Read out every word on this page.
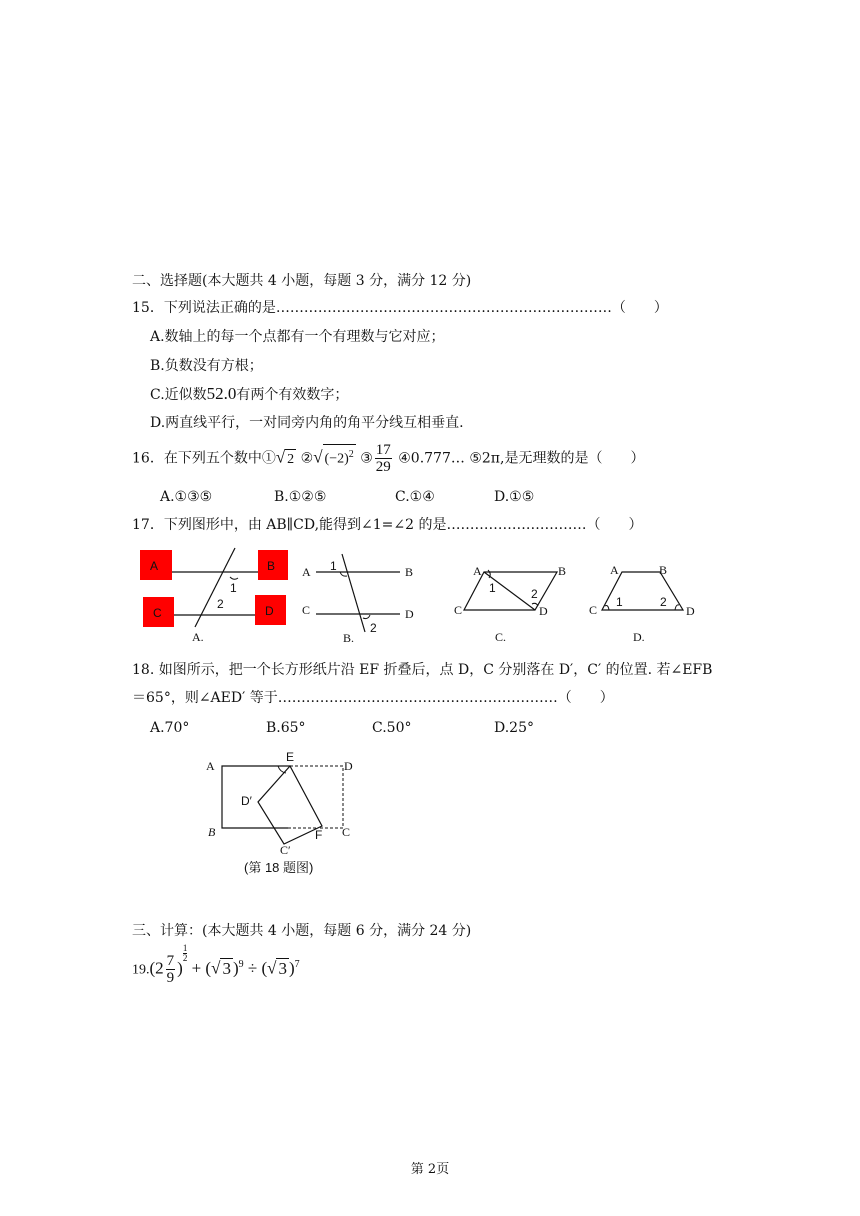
二、选择题(本大题共 4 小题，每题 3 分，满分 12 分)
15．下列说法正确的是………………………………………………………………（　　）
A.数轴上的每一个点都有一个有理数与它对应；
B.负数没有方根；
C.近似数52.0有两个有效数字；
D.两直线平行，一对同旁内角的角平分线互相垂直.
16．在下列五个数中①√ 2 ②√ $(-2)^2$ ③ $\frac{17}{29}$ ④0.777… ⑤2π,是无理数的是（　　）
A.①③⑤	B.①②⑤	C.①④	D.①⑤
17．下列图形中，由 AB∥CD,能得到∠1=∠2 的是…………………………（　　）
A	B
C	D
1
2
A.
A	B
C	D
1
2
B.
A	B
C	D
1	2
C.
A	B
C	D
1	2
D.
18. 如图所示，把一个长方形纸片沿 EF 折叠后，点 D，C 分别落在 D′，C′ 的位置. 若∠EFB
＝65°，则∠AED′ 等于……………………………………………………（　　）
A.70°	B.65°	C.50°	D.25°
A
E
D
D′
B	F C
C′
(第 18 题图)
三、计算：(本大题共 4 小题，每题 6 分，满分 24 分)
$19.(2 \frac{7}{9}$ )
$\frac{1}{2}$
+ (√ 3 )$^9$ ÷ (√ 3 )$^7$
第 2页
